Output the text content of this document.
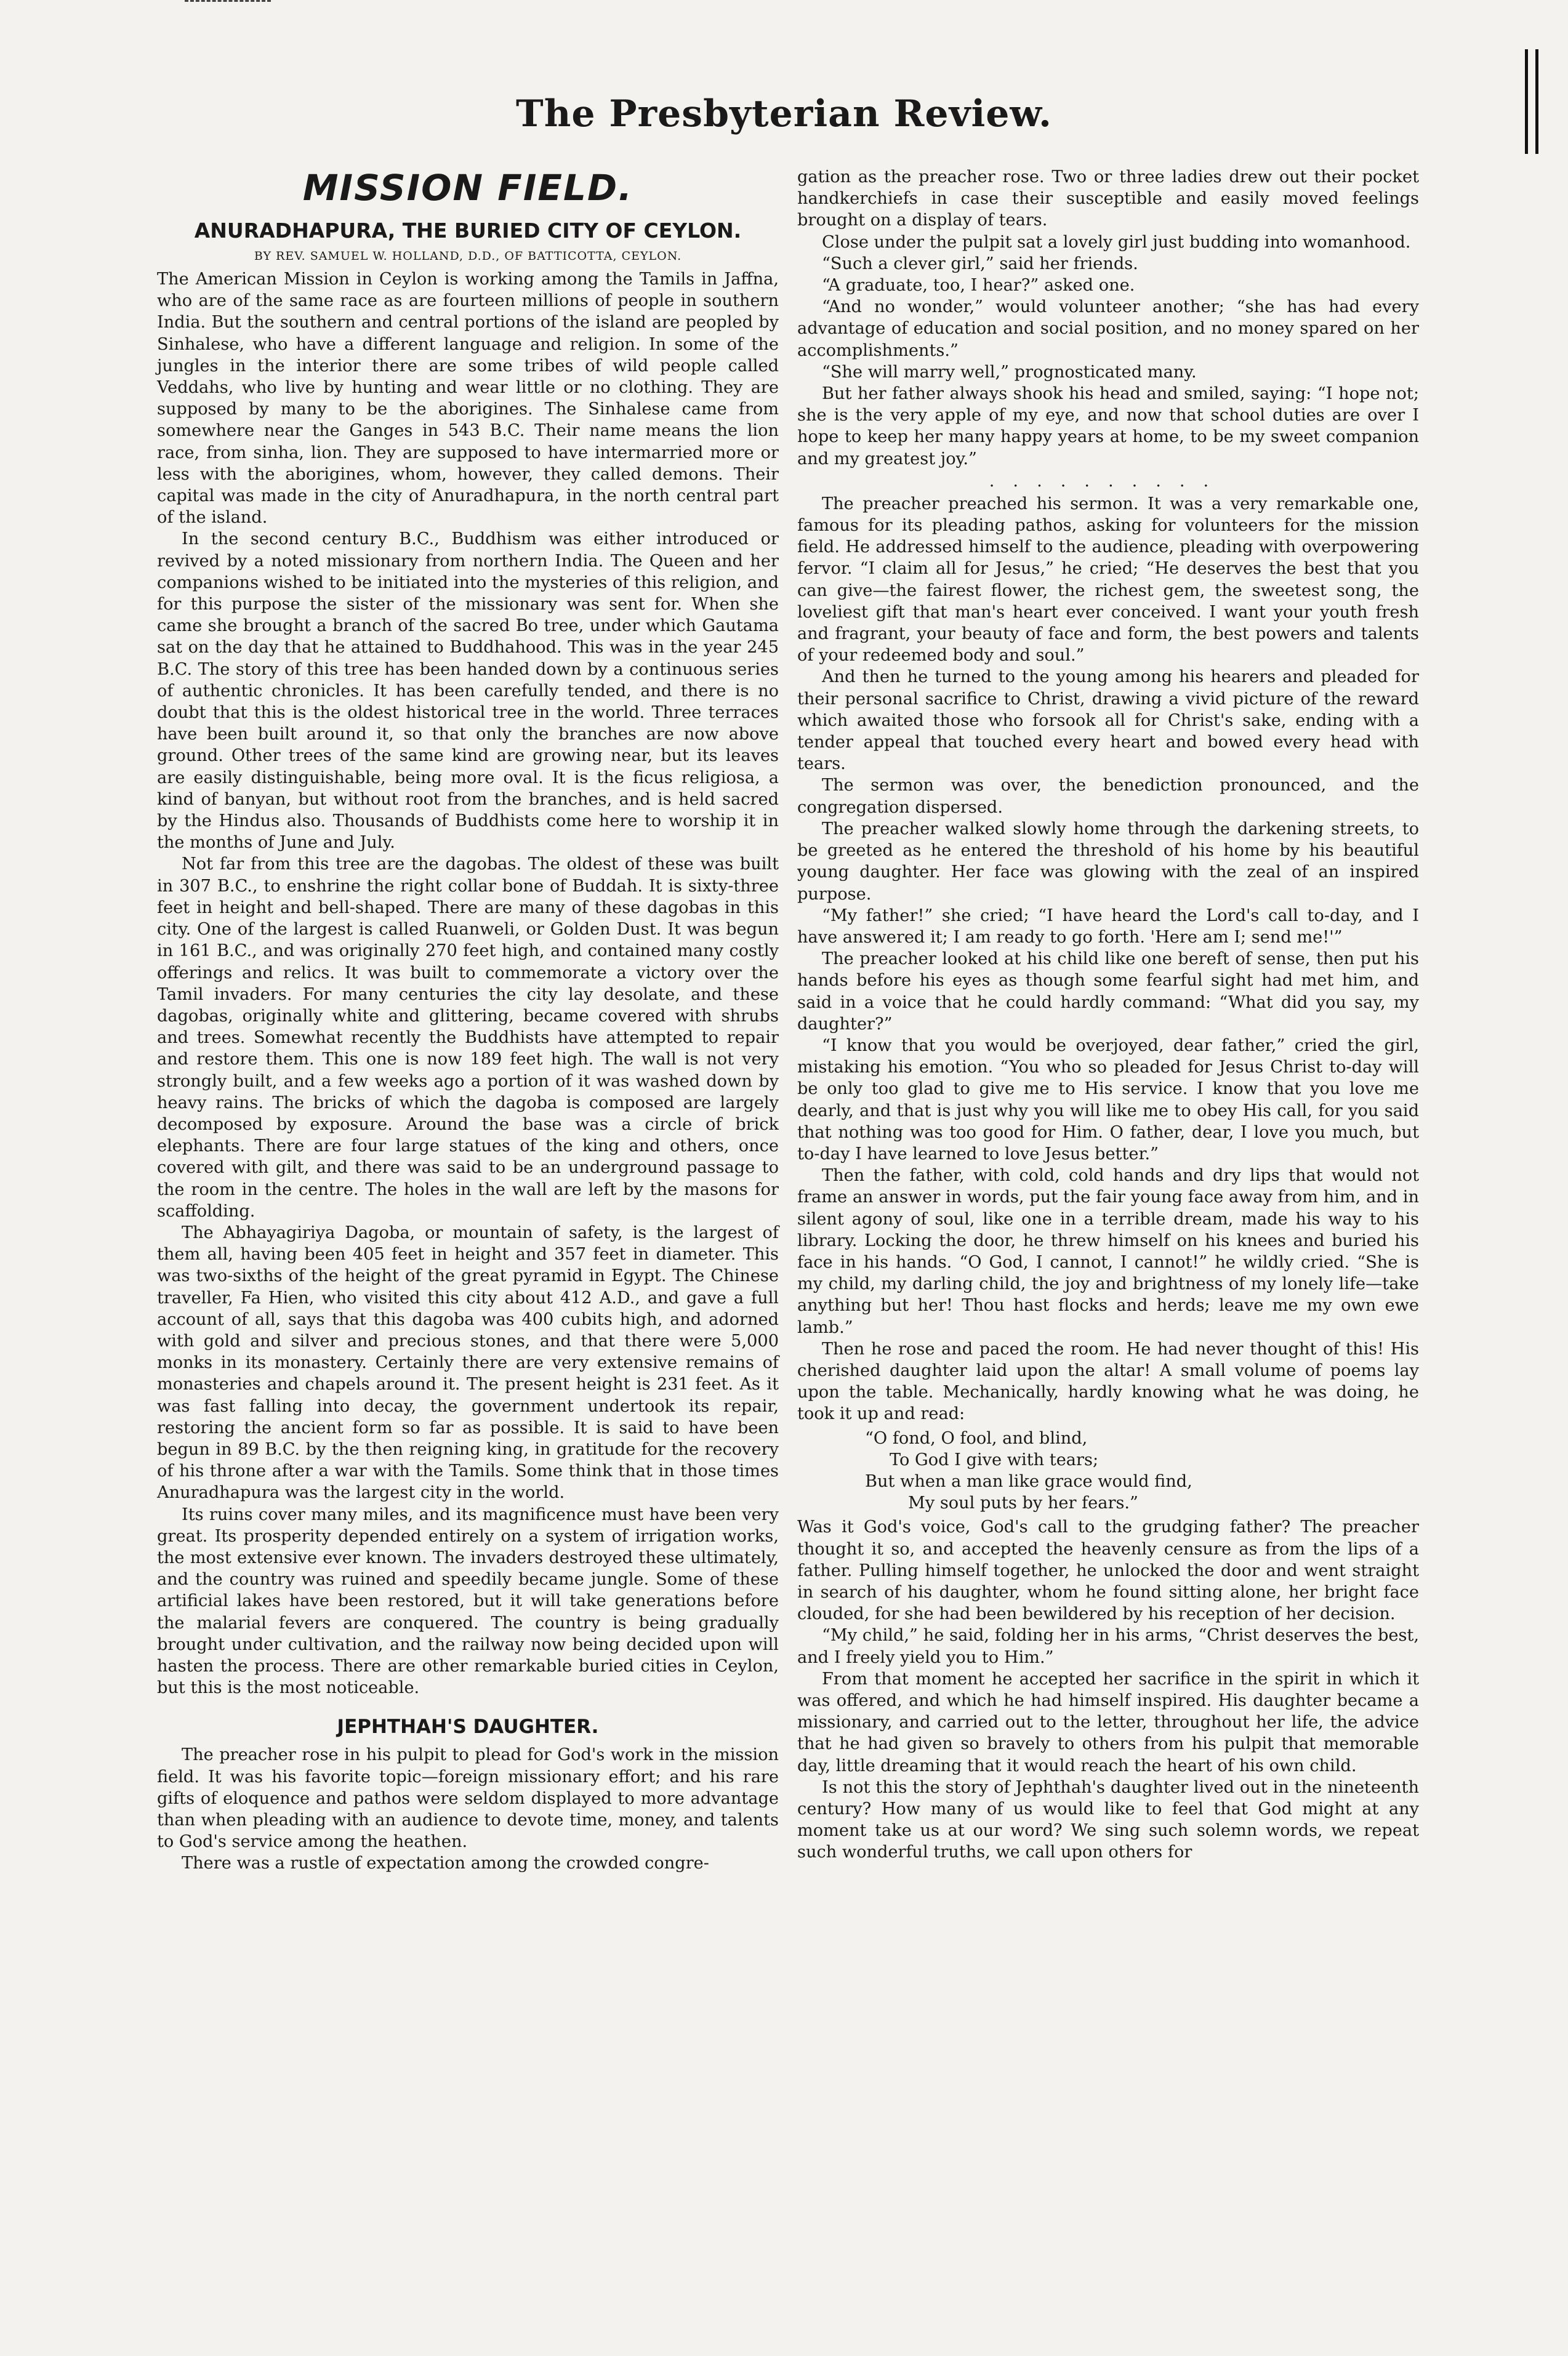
The Presbyterian Review.
MISSION FIELD.
ANURADHAPURA, THE BURIED CITY OF CEYLON.
BY REV. SAMUEL W. HOLLAND, D.D., OF BATTICOTTA, CEYLON.

The American Mission in Ceylon is working among the Tamils in Jaffna, who are of the same race as are fourteen millions of people in southern India. But the southern and central portions of the island are peopled by Sinhalese, who have a different language and religion. In some of the jungles in the interior there are some tribes of wild people called Veddahs, who live by hunting and wear little or no clothing. They are supposed by many to be the aborigines. The Sinhalese came from somewhere near the Ganges in 543 B.C. Their name means the lion race, from sinha, lion. They are supposed to have intermarried more or less with the aborigines, whom, however, they called demons. Their capital was made in the city of Anuradhapura, in the north central part of the island.

In the second century B.C., Buddhism was either introduced or revived by a noted missionary from northern India. The Queen and her companions wished to be initiated into the mysteries of this religion, and for this purpose the sister of the missionary was sent for. When she came she brought a branch of the sacred Bo tree, under which Gautama sat on the day that he attained to Buddhahood. This was in the year 245 B.C. The story of this tree has been handed down by a continuous series of authentic chronicles. It has been carefully tended, and there is no doubt that this is the oldest historical tree in the world. Three terraces have been built around it, so that only the branches are now above ground. Other trees of the same kind are growing near, but its leaves are easily distinguishable, being more oval. It is the ficus religiosa, a kind of banyan, but without root from the branches, and is held sacred by the Hindus also. Thousands of Buddhists come here to worship it in the months of June and July.

Not far from this tree are the dagobas. The oldest of these was built in 307 B.C., to enshrine the right collar bone of Buddah. It is sixty-three feet in height and bell-shaped. There are many of these dagobas in this city. One of the largest is called Ruanweli, or Golden Dust. It was begun in 161 B.C., and was originally 270 feet high, and contained many costly offerings and relics. It was built to commemorate a victory over the Tamil invaders. For many centuries the city lay desolate, and these dagobas, originally white and glittering, became covered with shrubs and trees. Somewhat recently the Buddhists have attempted to repair and restore them. This one is now 189 feet high. The wall is not very strongly built, and a few weeks ago a portion of it was washed down by heavy rains. The bricks of which the dagoba is composed are largely decomposed by exposure. Around the base was a circle of brick elephants. There are four large statues of the king and others, once covered with gilt, and there was said to be an underground passage to the room in the centre. The holes in the wall are left by the masons for scaffolding.

The Abhayagiriya Dagoba, or mountain of safety, is the largest of them all, having been 405 feet in height and 357 feet in diameter. This was two-sixths of the height of the great pyramid in Egypt. The Chinese traveller, Fa Hien, who visited this city about 412 A.D., and gave a full account of all, says that this dagoba was 400 cubits high, and adorned with gold and silver and precious stones, and that there were 5,000 monks in its monastery. Certainly there are very extensive remains of monasteries and chapels around it. The present height is 231 feet. As it was fast falling into decay, the government undertook its repair, restoring the ancient form so far as possible. It is said to have been begun in 89 B.C. by the then reigning king, in gratitude for the recovery of his throne after a war with the Tamils. Some think that in those times Anuradhapura was the largest city in the world.

Its ruins cover many miles, and its magnificence must have been very great. Its prosperity depended entirely on a system of irrigation works, the most extensive ever known. The invaders destroyed these ultimately, and the country was ruined and speedily became jungle. Some of these artificial lakes have been restored, but it will take generations before the malarial fevers are conquered. The country is being gradually brought under cultivation, and the railway now being decided upon will hasten the process. There are other remarkable buried cities in Ceylon, but this is the most noticeable.

JEPHTHAH'S DAUGHTER.

The preacher rose in his pulpit to plead for God's work in the mission field. It was his favorite topic—foreign missionary effort; and his rare gifts of eloquence and pathos were seldom displayed to more advantage than when pleading with an audience to devote time, money, and talents to God's service among the heathen.

There was a rustle of expectation among the crowded congre-

gation as the preacher rose. Two or three ladies drew out their pocket handkerchiefs in case their susceptible and easily moved feelings brought on a display of tears.

Close under the pulpit sat a lovely girl just budding into womanhood.

“Such a clever girl,” said her friends.

“A graduate, too, I hear?” asked one.

“And no wonder,” would volunteer another; “she has had every advantage of education and social position, and no money spared on her accomplishments.”

“She will marry well,” prognosticated many.

But her father always shook his head and smiled, saying: “I hope not; she is the very apple of my eye, and now that school duties are over I hope to keep her many happy years at home, to be my sweet companion and my greatest joy.”

..........

The preacher preached his sermon. It was a very remarkable one, famous for its pleading pathos, asking for volunteers for the mission field. He addressed himself to the audience, pleading with overpowering fervor. “I claim all for Jesus,” he cried; “He deserves the best that you can give—the fairest flower, the richest gem, the sweetest song, the loveliest gift that man's heart ever conceived. I want your youth fresh and fragrant, your beauty of face and form, the best powers and talents of your redeemed body and soul.”

And then he turned to the young among his hearers and pleaded for their personal sacrifice to Christ, drawing a vivid picture of the reward which awaited those who forsook all for Christ's sake, ending with a tender appeal that touched every heart and bowed every head with tears.

The sermon was over, the benediction pronounced, and the congregation dispersed.

The preacher walked slowly home through the darkening streets, to be greeted as he entered the threshold of his home by his beautiful young daughter. Her face was glowing with the zeal of an inspired purpose.

“My father!” she cried; “I have heard the Lord's call to-day, and I have answered it; I am ready to go forth. 'Here am I; send me!'”

The preacher looked at his child like one bereft of sense, then put his hands before his eyes as though some fearful sight had met him, and said in a voice that he could hardly command: “What did you say, my daughter?”

“I know that you would be overjoyed, dear father,” cried the girl, mistaking his emotion. “You who so pleaded for Jesus Christ to-day will be only too glad to give me to His service. I know that you love me dearly, and that is just why you will like me to obey His call, for you said that nothing was too good for Him. O father, dear, I love you much, but to-day I have learned to love Jesus better.”

Then the father, with cold, cold hands and dry lips that would not frame an answer in words, put the fair young face away from him, and in silent agony of soul, like one in a terrible dream, made his way to his library. Locking the door, he threw himself on his knees and buried his face in his hands. “O God, I cannot, I cannot!” he wildly cried. “She is my child, my darling child, the joy and brightness of my lonely life—take anything but her! Thou hast flocks and herds; leave me my own ewe lamb.”

Then he rose and paced the room. He had never thought of this! His cherished daughter laid upon the altar! A small volume of poems lay upon the table. Mechanically, hardly knowing what he was doing, he took it up and read:

“O fond, O fool, and blind,
To God I give with tears;
But when a man like grace would find,
My soul puts by her fears.”

Was it God's voice, God's call to the grudging father? The preacher thought it so, and accepted the heavenly censure as from the lips of a father. Pulling himself together, he unlocked the door and went straight in search of his daughter, whom he found sitting alone, her bright face clouded, for she had been bewildered by his reception of her decision.

“My child,” he said, folding her in his arms, “Christ deserves the best, and I freely yield you to Him.”

From that moment he accepted her sacrifice in the spirit in which it was offered, and which he had himself inspired. His daughter became a missionary, and carried out to the letter, throughout her life, the advice that he had given so bravely to others from his pulpit that memorable day, little dreaming that it would reach the heart of his own child.

Is not this the story of Jephthah's daughter lived out in the nineteenth century? How many of us would like to feel that God might at any moment take us at our word? We sing such solemn words, we repeat such wonderful truths, we call upon others for
